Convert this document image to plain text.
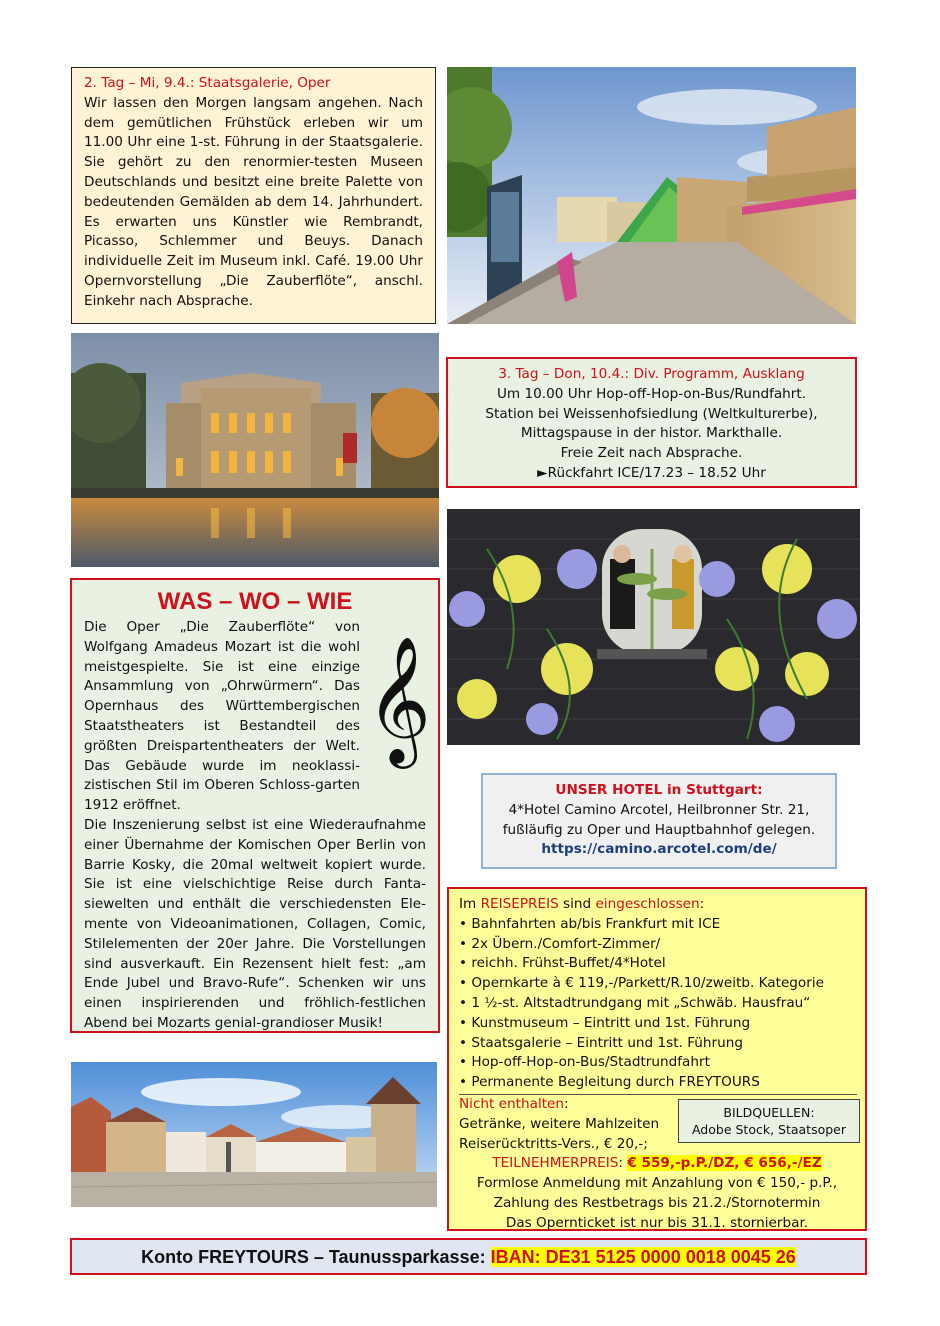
2. Tag – Mi, 9.4.: Staatsgalerie, Oper
Wir lassen den Morgen langsam angehen. Nach dem gemütlichen Frühstück erleben wir um 11.00 Uhr eine 1-st. Führung in der Staatsgalerie. Sie gehört zu den renormier-testen Museen Deutschlands und besitzt eine breite Palette von bedeutenden Gemälden ab dem 14. Jahrhundert. Es erwarten uns Künstler wie Rembrandt, Picasso, Schlemmer und Beuys. Danach individuelle Zeit im Museum inkl. Café. 19.00 Uhr Opernvorstellung „Die Zauberflöte“, anschl. Einkehr nach Absprache.
3. Tag – Don, 10.4.: Div. Programm, Ausklang
Um 10.00 Uhr Hop-off-Hop-on-Bus/Rundfahrt.
Station bei Weissenhofsiedlung (Weltkulturerbe),
Mittagspause in der histor. Markthalle.
Freie Zeit nach Absprache.
►Rückfahrt ICE/17.23 – 18.52 Uhr
WAS – WO – WIE
𝄞
Die Oper „Die Zauberflöte“ von Wolfgang Amadeus Mozart ist die wohl meistgespielte. Sie ist eine einzige Ansammlung von „Ohrwürmern“. Das Opernhaus des Württembergischen Staatstheaters ist Bestandteil des größten Dreispartentheaters der Welt. Das Gebäude wurde im neoklassi-zistischen Stil im Oberen Schloss-garten 1912 eröffnet.
Die Inszenierung selbst ist eine Wiederaufnahme einer Übernahme der Komischen Oper Berlin von Barrie Kosky, die 20mal weltweit kopiert wurde. Sie ist eine vielschichtige Reise durch Fanta-siewelten und enthält die verschiedensten Ele-mente von Videoanimationen, Collagen, Comic, Stilelementen der 20er Jahre. Die Vorstellungen sind ausverkauft. Ein Rezensent hielt fest: „am Ende Jubel und Bravo-Rufe“. Schenken wir uns einen inspirierenden und fröhlich-festlichen Abend bei Mozarts genial-grandioser Musik!
UNSER HOTEL in Stuttgart:
4*Hotel Camino Arcotel, Heilbronner Str. 21,
fußläufig zu Oper und Hauptbahnhof gelegen.
https://camino.arcotel.com/de/
Im REISEPREIS sind eingeschlossen:
• Bahnfahrten ab/bis Frankfurt mit ICE
• 2x Übern./Comfort-Zimmer/
• reichh. Frühst-Buffet/4*Hotel
• Opernkarte à € 119,-/Parkett/R.10/zweitb. Kategorie
• 1 ½-st. Altstadtrundgang mit „Schwäb. Hausfrau“
• Kunstmuseum – Eintritt und 1st. Führung
• Staatsgalerie – Eintritt und 1st. Führung
• Hop-off-Hop-on-Bus/Stadtrundfahrt
• Permanente Begleitung durch FREYTOURS
Nicht enthalten:
Getränke, weitere Mahlzeiten
Reiserücktritts-Vers., € 20,-;
TEILNEHMERPREIS: € 559,-p.P./DZ, € 656,-/EZ
Formlose Anmeldung mit Anzahlung von € 150,- p.P.,
Zahlung des Restbetrags bis 21.2./Stornotermin
Das Opernticket ist nur bis 31.1. stornierbar.
BILDQUELLEN:
Adobe Stock, Staatsoper
Konto FREYTOURS – Taunussparkasse: IBAN: DE31 5125 0000 0018 0045 26
